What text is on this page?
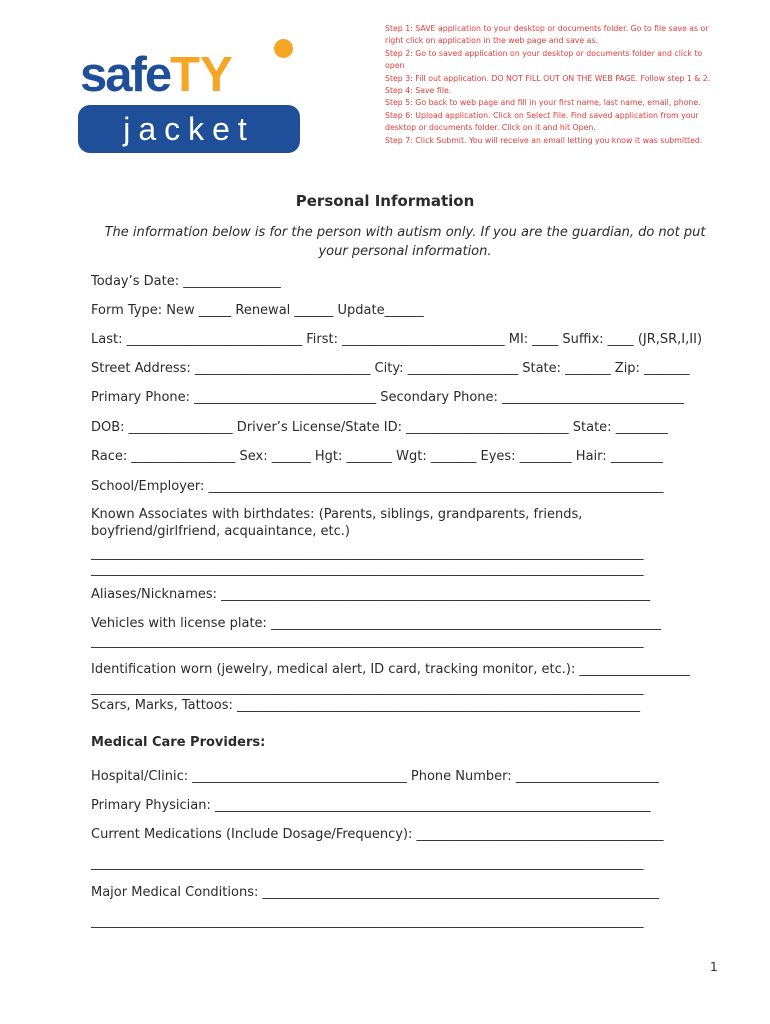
safeTY
jacket
Step 1: SAVE application to your desktop or documents folder. Go to file save as or
right click on application in the web page and save as.
Step 2: Go to saved application on your desktop or documents folder and click to
open
Step 3: Fill out application. DO NOT FILL OUT ON THE WEB PAGE. Follow step 1 & 2.
Step 4: Save file.
Step 5: Go back to web page and fill in your first name, last name, email, phone.
Step 6: Upload application. Click on Select File. Find saved application from your
desktop or documents folder. Click on it and hit Open.
Step 7: Click Submit. You will receive an email letting you know it was submitted.
Personal Information
The information below is for the person with autism only. If you are the guardian, do not put your personal information.
Today’s Date: _______________
Form Type: New _____ Renewal ______ Update______
Last: ___________________________ First: _________________________ MI: ____ Suffix: ____ (JR,SR,I,II)
Street Address: ___________________________ City: _________________ State: _______ Zip: _______
Primary Phone: ____________________________ Secondary Phone: ____________________________
DOB: ________________ Driver’s License/State ID: _________________________ State: ________
Race: ________________ Sex: ______ Hgt: _______ Wgt: _______ Eyes: ________ Hair: ________
School/Employer: ______________________________________________________________________
Known Associates with birthdates: (Parents, siblings, grandparents, friends, boyfriend/girlfriend, acquaintance, etc.)
_____________________________________________________________________________________
_____________________________________________________________________________________
Aliases/Nicknames: __________________________________________________________________
Vehicles with license plate: ____________________________________________________________
_____________________________________________________________________________________
Identification worn (jewelry, medical alert, ID card, tracking monitor, etc.): _________________
_____________________________________________________________________________________
Scars, Marks, Tattoos: ______________________________________________________________
Medical Care Providers:
Hospital/Clinic: _________________________________ Phone Number: ______________________
Primary Physician: ___________________________________________________________________
Current Medications (Include Dosage/Frequency): ______________________________________
_____________________________________________________________________________________
Major Medical Conditions: _____________________________________________________________
_____________________________________________________________________________________
1
